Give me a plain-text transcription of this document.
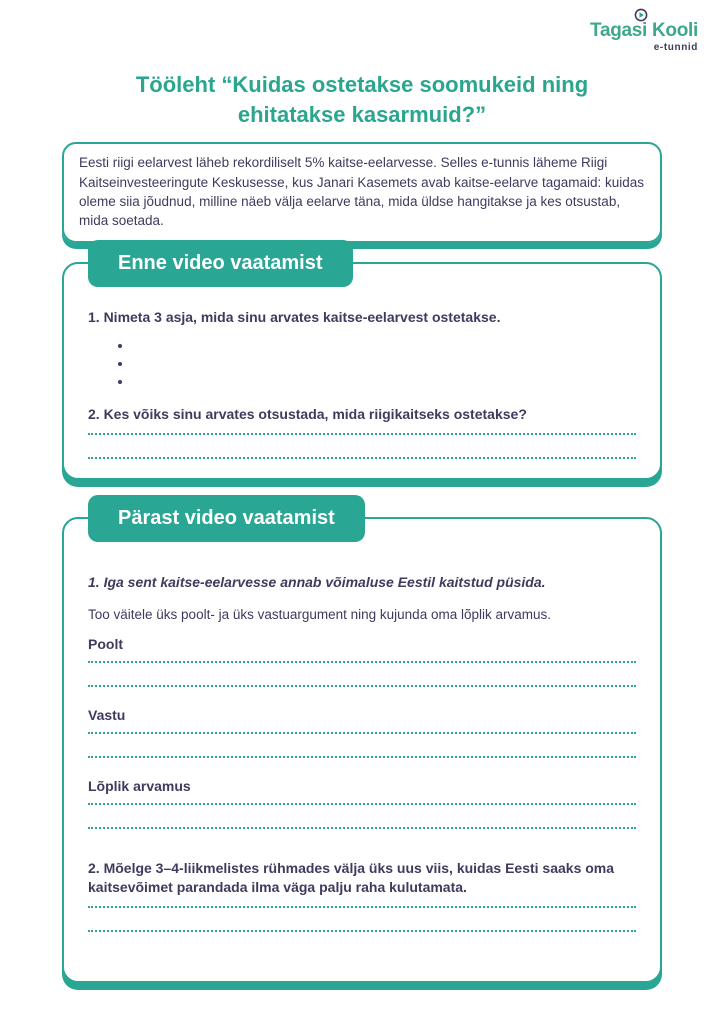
Tagasi Kooli
e-tunnid
Tööleht “Kuidas ostetakse soomukeid ning ehitatakse kasarmuid?”
Eesti riigi eelarvest läheb rekordiliselt 5% kaitse-eelarvesse. Selles e-tunnis läheme Riigi Kaitseinvesteeringute Keskusesse, kus Janari Kasemets avab kaitse-eelarve tagamaid: kuidas oleme siia jõudnud, milline näeb välja eelarve täna, mida üldse hangitakse ja kes otsustab, mida soetada.
Enne video vaatamist
1. Nimeta 3 asja, mida sinu arvates kaitse-eelarvest ostetakse.
2. Kes võiks sinu arvates otsustada, mida riigikaitseks ostetakse?
Pärast video vaatamist
1. Iga sent kaitse-eelarvesse annab võimaluse Eestil kaitstud püsida.
Too väitele üks poolt- ja üks vastuargument ning kujunda oma lõplik arvamus.
Poolt
Vastu
Lõplik arvamus
2. Mõelge 3–4-liikmelistes rühmades välja üks uus viis, kuidas Eesti saaks oma kaitsevõimet parandada ilma väga palju raha kulutamata.
